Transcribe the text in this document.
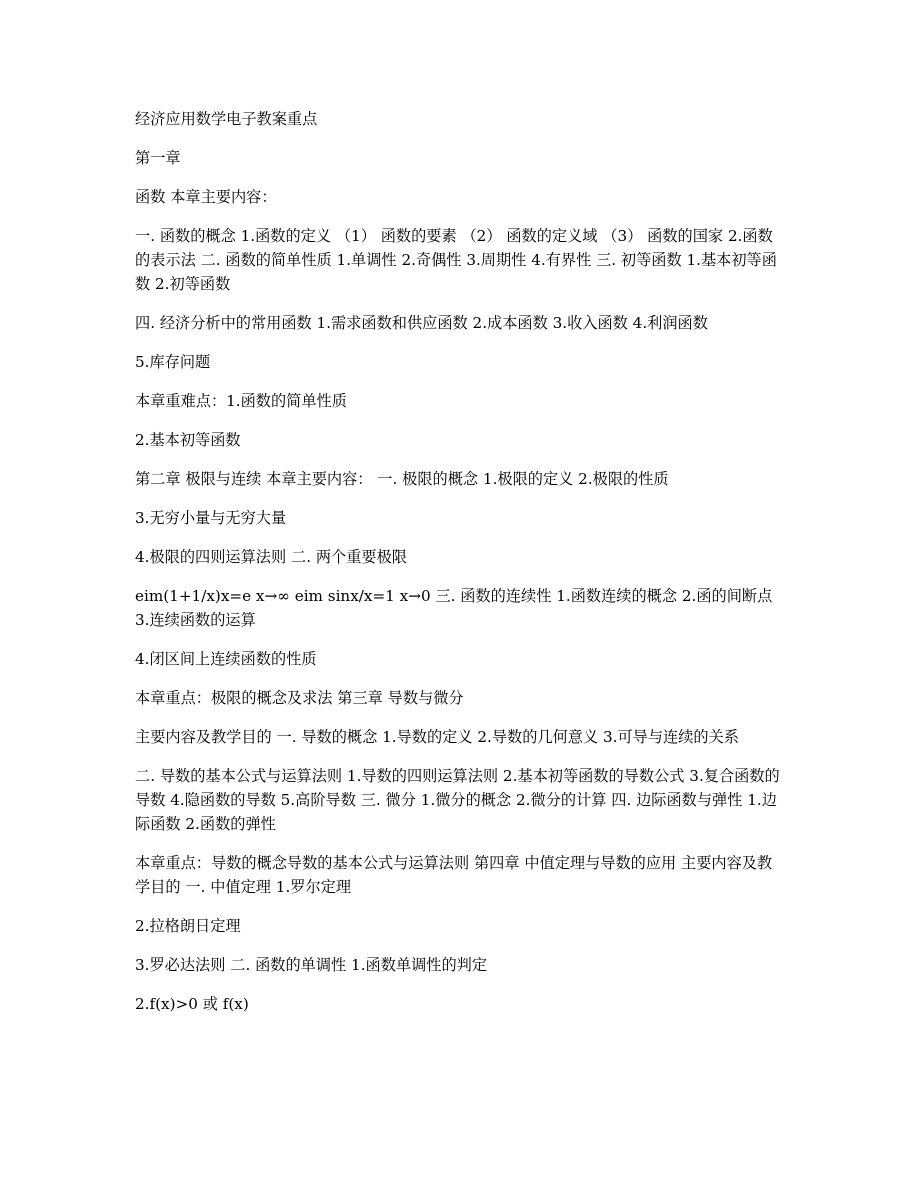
经济应用数学电子教案重点

第一章

函数 本章主要内容：

一. 函数的概念 1.函数的定义 （1） 函数的要素 （2） 函数的定义域 （3） 函数的国家 2.函数的表示法 二. 函数的简单性质 1.单调性 2.奇偶性 3.周期性 4.有界性 三. 初等函数 1.基本初等函数 2.初等函数

四. 经济分析中的常用函数 1.需求函数和供应函数 2.成本函数 3.收入函数 4.利润函数

5.库存问题

本章重难点：1.函数的简单性质

2.基本初等函数

第二章 极限与连续 本章主要内容： 一. 极限的概念 1.极限的定义 2.极限的性质

3.无穷小量与无穷大量

4.极限的四则运算法则 二. 两个重要极限

eim(1+1/x)x=e x→∞ eim sinx/x=1 x→0 三. 函数的连续性 1.函数连续的概念 2.函的间断点 3.连续函数的运算

4.闭区间上连续函数的性质

本章重点：极限的概念及求法 第三章 导数与微分

主要内容及教学目的 一. 导数的概念 1.导数的定义 2.导数的几何意义 3.可导与连续的关系

二. 导数的基本公式与运算法则 1.导数的四则运算法则 2.基本初等函数的导数公式 3.复合函数的导数 4.隐函数的导数 5.高阶导数 三. 微分 1.微分的概念 2.微分的计算 四. 边际函数与弹性 1.边际函数 2.函数的弹性

本章重点：导数的概念导数的基本公式与运算法则 第四章 中值定理与导数的应用 主要内容及教学目的 一. 中值定理 1.罗尔定理

2.拉格朗日定理

3.罗必达法则 二. 函数的单调性 1.函数单调性的判定

2.f(x)>0 或 f(x)
